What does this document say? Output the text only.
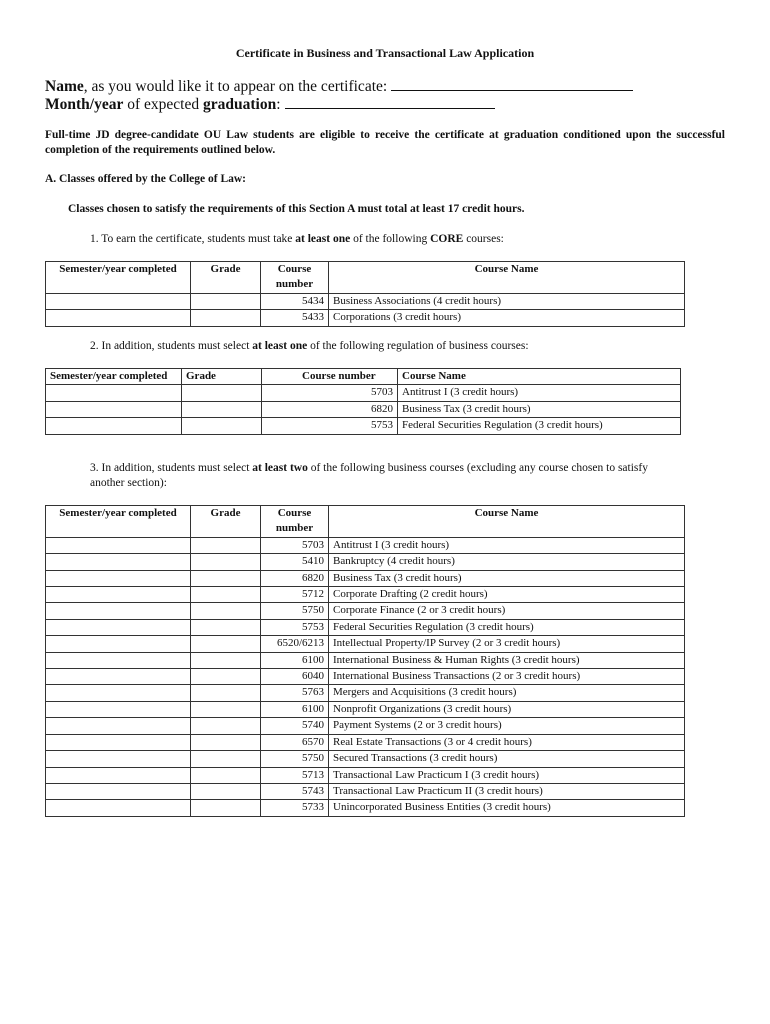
Certificate in Business and Transactional Law Application
Name, as you would like it to appear on the certificate:
Month/year of expected graduation:
Full-time JD degree-candidate OU Law students are eligible to receive the certificate at graduation conditioned upon the successful completion of the requirements outlined below.
A. Classes offered by the College of Law:
Classes chosen to satisfy the requirements of this Section A must total at least 17 credit hours.
1. To earn the certificate, students must take at least one of the following CORE courses:
Semester/year completed	Grade	Course number	Course Name
		5434	Business Associations (4 credit hours)
		5433	Corporations (3 credit hours)
2. In addition, students must select at least one of the following regulation of business courses:
Semester/year completed	Grade	Course number	Course Name
		5703	Antitrust I (3 credit hours)
		6820	Business Tax (3 credit hours)
		5753	Federal Securities Regulation (3 credit hours)
3. In addition, students must select at least two of the following business courses (excluding any course chosen to satisfy another section):
Semester/year completed	Grade	Course number	Course Name
		5703	Antitrust I (3 credit hours)
		5410	Bankruptcy (4 credit hours)
		6820	Business Tax (3 credit hours)
		5712	Corporate Drafting (2 credit hours)
		5750	Corporate Finance (2 or 3 credit hours)
		5753	Federal Securities Regulation (3 credit hours)
		6520/6213	Intellectual Property/IP Survey (2 or 3 credit hours)
		6100	International Business & Human Rights (3 credit hours)
		6040	International Business Transactions (2 or 3 credit hours)
		5763	Mergers and Acquisitions (3 credit hours)
		6100	Nonprofit Organizations (3 credit hours)
		5740	Payment Systems (2 or 3 credit hours)
		6570	Real Estate Transactions (3 or 4 credit hours)
		5750	Secured Transactions (3 credit hours)
		5713	Transactional Law Practicum I (3 credit hours)
		5743	Transactional Law Practicum II (3 credit hours)
		5733	Unincorporated Business Entities (3 credit hours)
